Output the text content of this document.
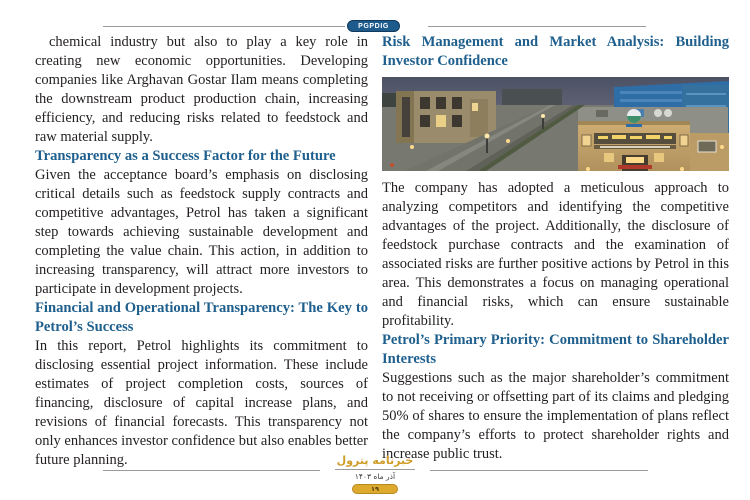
PGPDIG

chemical industry but also to play a key role in creating new economic opportunities. Developing companies like Arghavan Gostar Ilam means completing the downstream product production chain, increasing efficiency, and reducing risks related to feedstock and raw material supply.

Transparency as a Success Factor for the Future

Given the acceptance board’s emphasis on disclosing critical details such as feedstock supply contracts and competitive advantages, Petrol has taken a significant step towards achieving sustainable development and completing the value chain. This action, in addition to increasing transparency, will attract more investors to participate in development projects.

Financial and Operational Transparency: The Key to Petrol’s Success

In this report, Petrol highlights its commitment to disclosing essential project information. These include estimates of project completion costs, sources of financing, disclosure of capital increase plans, and revisions of financial forecasts. This transparency not only enhances investor confidence but also enables better future planning.

Risk Management and Market Analysis: Building Investor Confidence

The company has adopted a meticulous approach to analyzing competitors and identifying the competitive advantages of the project. Additionally, the disclosure of feedstock purchase contracts and the examination of associated risks are further positive actions by Petrol in this area. This demonstrates a focus on managing operational and financial risks, which can ensure sustainable profitability.

Petrol’s Primary Priority: Commitment to Shareholder Interests

Suggestions such as the major shareholder’s commitment to not receiving or offsetting part of its claims and pledging 50% of shares to ensure the implementation of plans reflect the company’s efforts to protect shareholder rights and increase public trust.

خبرنامه پترول
آذر ماه ۱۴۰۳
۱۹
